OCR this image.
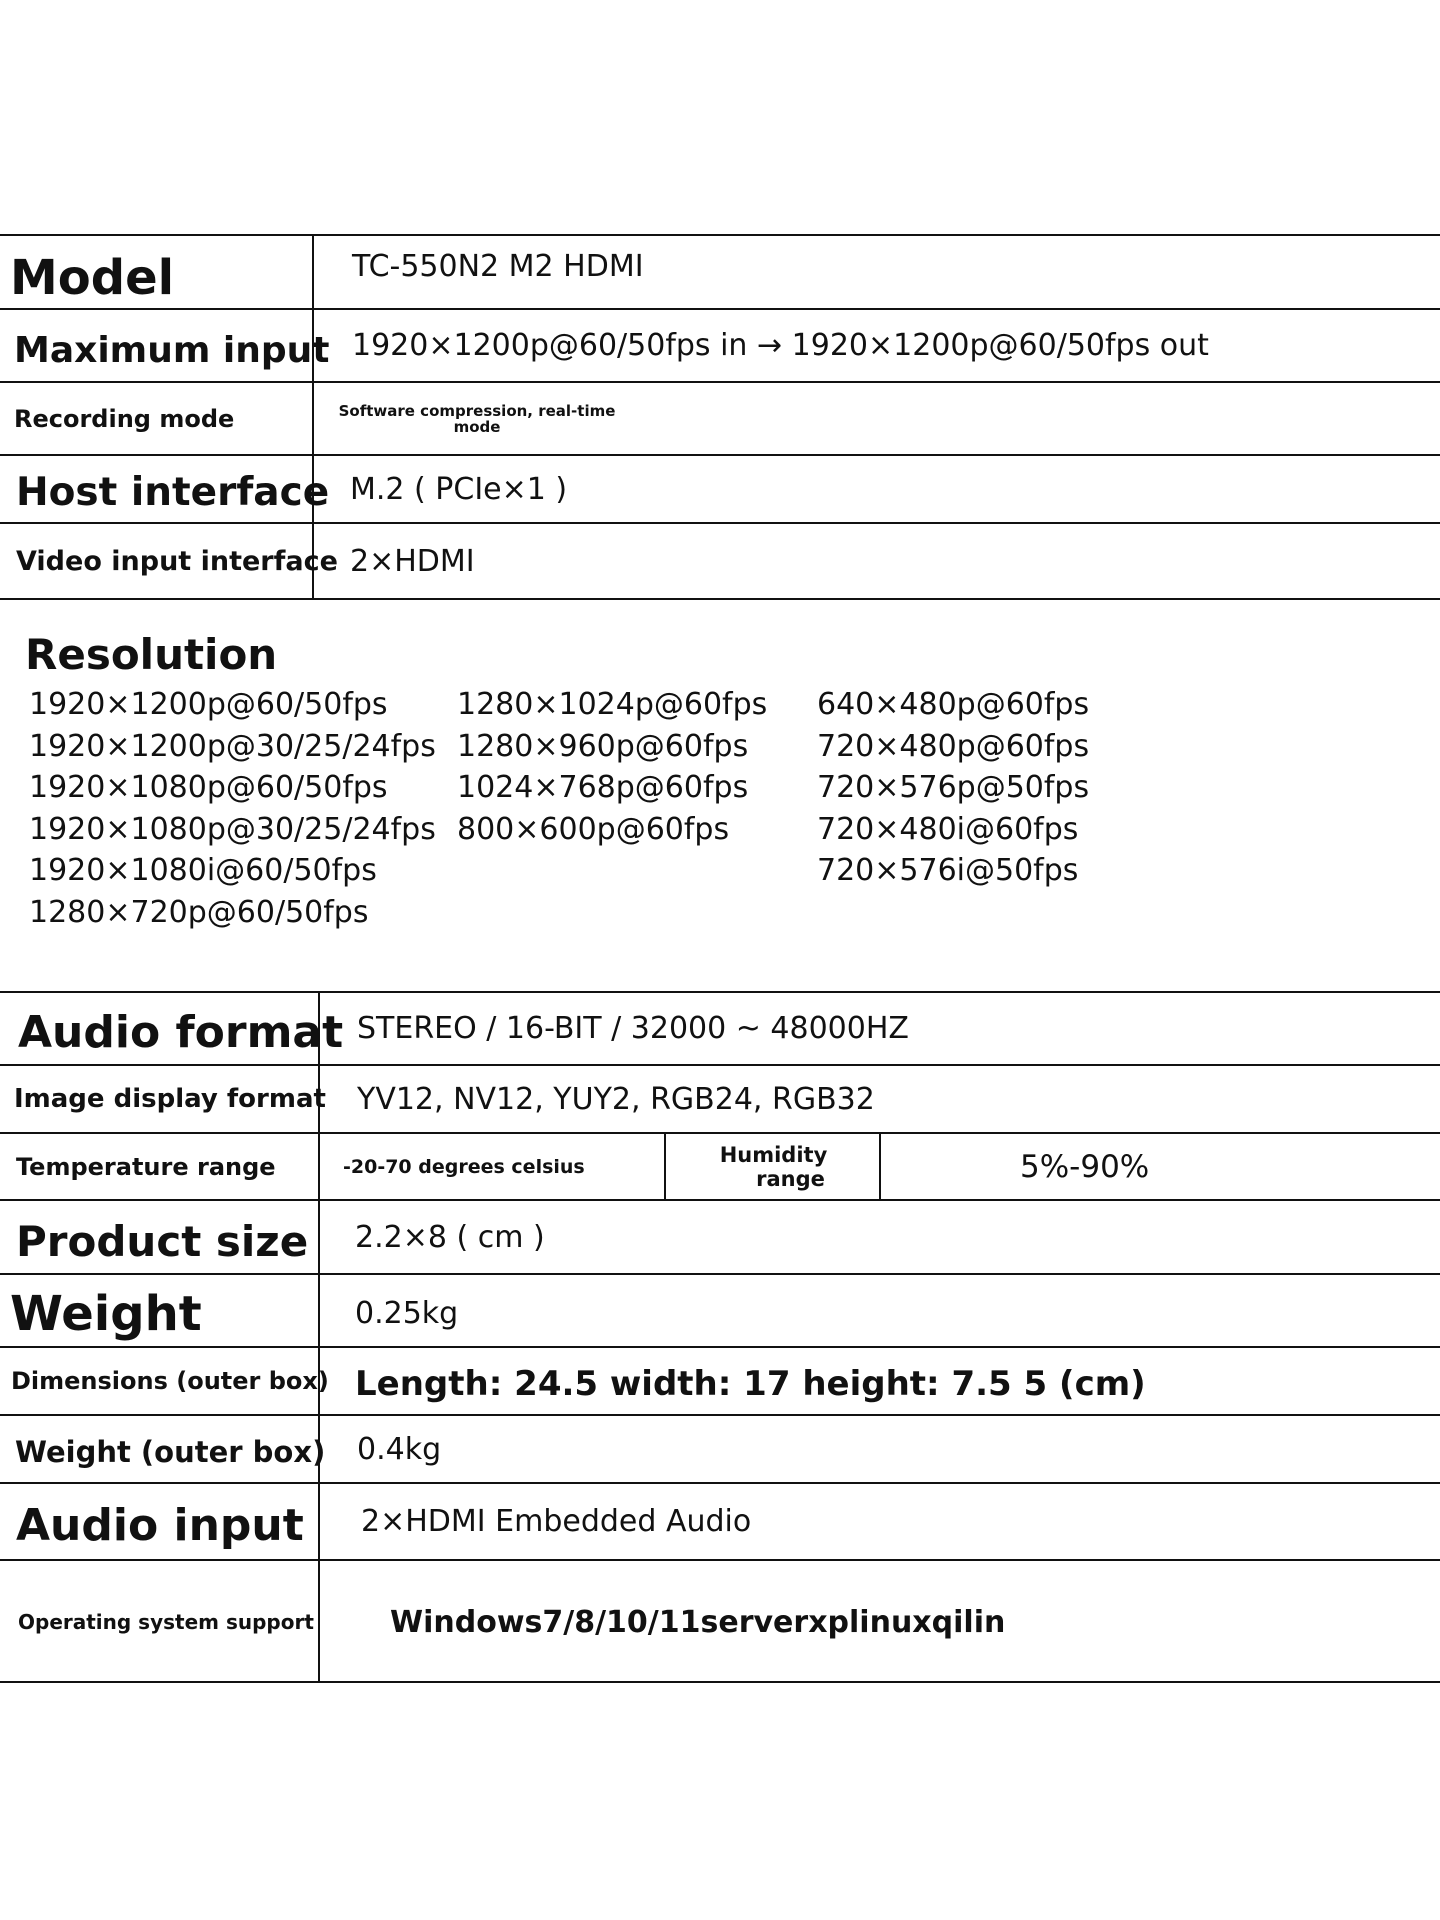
Model	TC-550N2 M2 HDMI
Maximum input 1920×1200p@60/50fps in → 1920×1200p@60/50fps out
Recording mode	Software compression, real-time
mode
Host interface M.2 ( PCIe×1 )
Video input interface 2×HDMI
Resolution
1920×1200p@60/50fps
1920×1200p@30/25/24fps
1920×1080p@60/50fps
1920×1080p@30/25/24fps
1920×1080i@60/50fps
1280×720p@60/50fps
1280×1024p@60fps
1280×960p@60fps
1024×768p@60fps
800×600p@60fps
640×480p@60fps
720×480p@60fps
720×576p@50fps
720×480i@60fps
720×576i@50fps
Audio format STEREO / 16-BIT / 32000 ~ 48000HZ
Image display format YV12, NV12, YUY2, RGB24, RGB32
Temperature range	-20-70 degrees celsius	Humidity
range	5%-90%
Product size	2.2×8 ( cm )
Weight	0.25kg
Dimensions (outer box) Length: 24.5 width: 17 height: 7.5 5 (cm)
Weight (outer box) 0.4kg
Audio input	2×HDMI Embedded Audio
Operating system support	Windows7/8/10/11serverxplinuxqilin
